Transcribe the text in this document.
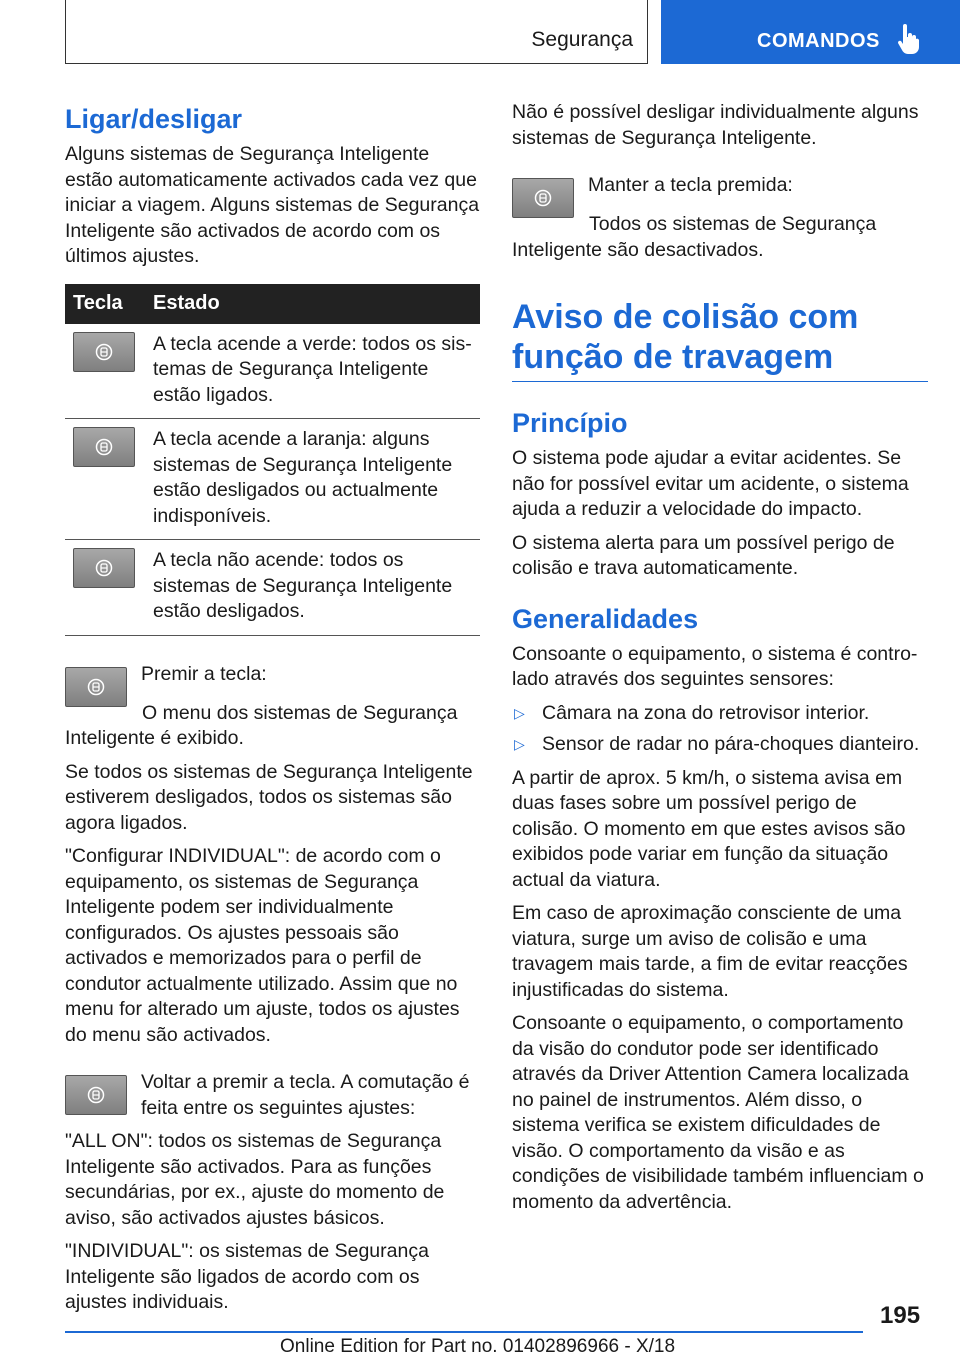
Segurança	COMANDOS
Ligar/desligar

Alguns sistemas de Segurança Inteligente estão automaticamente activados cada vez que iniciar a viagem. Alguns sistemas de Segurança Inteligente são activados de acordo com os últimos ajustes.

Tecla	Estado

	A tecla acende a verde: todos os sistemas de Segurança Inteligente estão ligados.

	A tecla acende a laranja: alguns sistemas de Segurança Inteligente estão desligados ou actualmente indisponíveis.

	A tecla não acende: todos os sistemas de Segurança Inteligente estão desligados.

Premir a tecla:

O menu dos sistemas de Segurança Inteligente é exibido.

Se todos os sistemas de Segurança Inteligente estiverem desligados, todos os sistemas são agora ligados.

"Configurar INDIVIDUAL": de acordo com o equipamento, os sistemas de Segurança Inteligente podem ser individualmente configurados. Os ajustes pessoais são activados e memorizados para o perfil de condutor actualmente utilizado. Assim que no menu for alterado um ajuste, todos os ajustes do menu são activados.

Voltar a premir a tecla. A comutação é feita entre os seguintes ajustes:

"ALL ON": todos os sistemas de Segurança Inteligente são activados. Para as funções secundárias, por ex., ajuste do momento de aviso, são activados ajustes básicos.

"INDIVIDUAL": os sistemas de Segurança Inteligente são ligados de acordo com os ajustes individuais.

Não é possível desligar individualmente alguns sistemas de Segurança Inteligente.

Manter a tecla premida:

Todos os sistemas de Segurança Inteligente são desactivados.

Aviso de colisão com função de travagem
Princípio

O sistema pode ajudar a evitar acidentes. Se não for possível evitar um acidente, o sistema ajuda a reduzir a velocidade do impacto.

O sistema alerta para um possível perigo de colisão e trava automaticamente.

Generalidades

Consoante o equipamento, o sistema é controlado através dos seguintes sensores:

▷ Câmara na zona do retrovisor interior.
▷ Sensor de radar no pára-choques dianteiro.

A partir de aprox. 5 km/h, o sistema avisa em duas fases sobre um possível perigo de colisão. O momento em que estes avisos são exibidos pode variar em função da situação actual da viatura.

Em caso de aproximação consciente de uma viatura, surge um aviso de colisão e uma travagem mais tarde, a fim de evitar reacções injustificadas do sistema.

Consoante o equipamento, o comportamento da visão do condutor pode ser identificado através da Driver Attention Camera localizada no painel de instrumentos. Além disso, o sistema verifica se existem dificuldades de visão. O comportamento da visão e as condições de visibilidade também influenciam o momento da advertência.

195
Online Edition for Part no. 01402896966 - X/18
